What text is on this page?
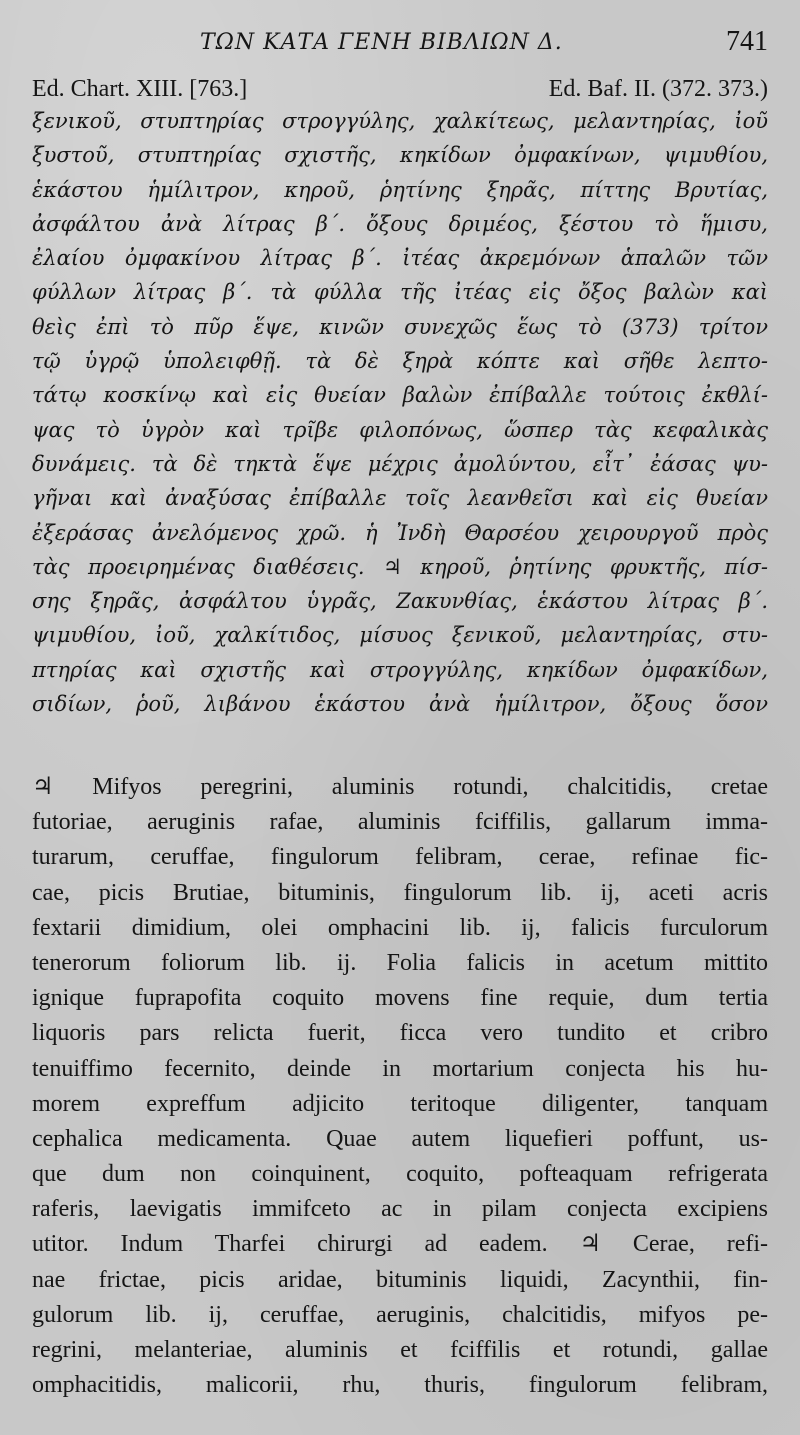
ΤΩΝ ΚΑΤΑ ΓΕΝΗ ΒΙΒΛΙΩΝ Δ.	741
Ed. Chart. XIII. [763.]	Ed. Baf. II. (372. 373.)
ξενικοῦ, στυπτηρίας στρογγύλης, χαλκίτεως, μελαντηρίας, ἰοῦ
ξυστοῦ, στυπτηρίας σχιστῆς, κηκίδων ὀμφακίνων, ψιμυθίου,
ἑκάστου ἡμίλιτρον, κηροῦ, ῥητίνης ξηρᾶς, πίττης Βρυτίας,
ἀσφάλτου ἀνὰ λίτρας β΄. ὄξους δριμέος, ξέστου τὸ ἥμισυ,
ἐλαίου ὀμφακίνου λίτρας β΄. ἰτέας ἀκρεμόνων ἁπαλῶν τῶν
φύλλων λίτρας β΄. τὰ φύλλα τῆς ἰτέας εἰς ὄξος βαλὼν καὶ
θεὶς ἐπὶ τὸ πῦρ ἕψε, κινῶν συνεχῶς ἕως τὸ (373) τρίτον
τῷ ὑγρῷ ὑπολειφθῇ. τὰ δὲ ξηρὰ κόπτε καὶ σῆθε λεπτο-
τάτῳ κοσκίνῳ καὶ εἰς θυείαν βαλὼν ἐπίβαλλε τούτοις ἐκθλί-
ψας τὸ ὑγρὸν καὶ τρῖβε φιλοπόνως, ὥσπερ τὰς κεφαλικὰς
δυνάμεις. τὰ δὲ τηκτὰ ἕψε μέχρις ἀμολύντου, εἶτ᾽ ἐάσας ψυ-
γῆναι καὶ ἀναξύσας ἐπίβαλλε τοῖς λεανθεῖσι καὶ εἰς θυείαν
ἐξεράσας ἀνελόμενος χρῶ. ἡ Ἰνδὴ Θαρσέου χειρουργοῦ πρὸς
τὰς προειρημένας διαθέσεις. ♃ κηροῦ, ῥητίνης φρυκτῆς, πίσ-
σης ξηρᾶς, ἀσφάλτου ὑγρᾶς, Ζακυνθίας, ἑκάστου λίτρας β΄.
ψιμυθίου, ἰοῦ, χαλκίτιδος, μίσυος ξενικοῦ, μελαντηρίας, στυ-
πτηρίας καὶ σχιστῆς καὶ στρογγύλης, κηκίδων ὀμφακίδων,
σιδίων, ῥοῦ, λιβάνου ἑκάστου ἀνὰ ἡμίλιτρον, ὄξους ὅσον
♃ Mifyos peregrini, aluminis rotundi, chalcitidis, cretae
futoriae, aeruginis rafae, aluminis fciffilis, gallarum imma-
turarum, ceruffae, fingulorum felibram, cerae, refinae fic-
cae, picis Brutiae, bituminis, fingulorum lib. ij, aceti acris
fextarii dimidium, olei omphacini lib. ij, falicis furculorum
tenerorum foliorum lib. ij. Folia falicis in acetum mittito
ignique fuprapofita coquito movens fine requie, dum tertia
liquoris pars relicta fuerit, ficca vero tundito et cribro
tenuiffimo fecernito, deinde in mortarium conjecta his hu-
morem expreffum adjicito teritoque diligenter, tanquam
cephalica medicamenta. Quae autem liquefieri poffunt, us-
que dum non coinquinent, coquito, pofteaquam refrigerata
raferis, laevigatis immifceto ac in pilam conjecta excipiens
utitor. Indum Tharfei chirurgi ad eadem. ♃ Cerae, refi-
nae frictae, picis aridae, bituminis liquidi, Zacynthii, fin-
gulorum lib. ij, ceruffae, aeruginis, chalcitidis, mifyos pe-
regrini, melanteriae, aluminis et fciffilis et rotundi, gallae
omphacitidis, malicorii, rhu, thuris, fingulorum felibram,
